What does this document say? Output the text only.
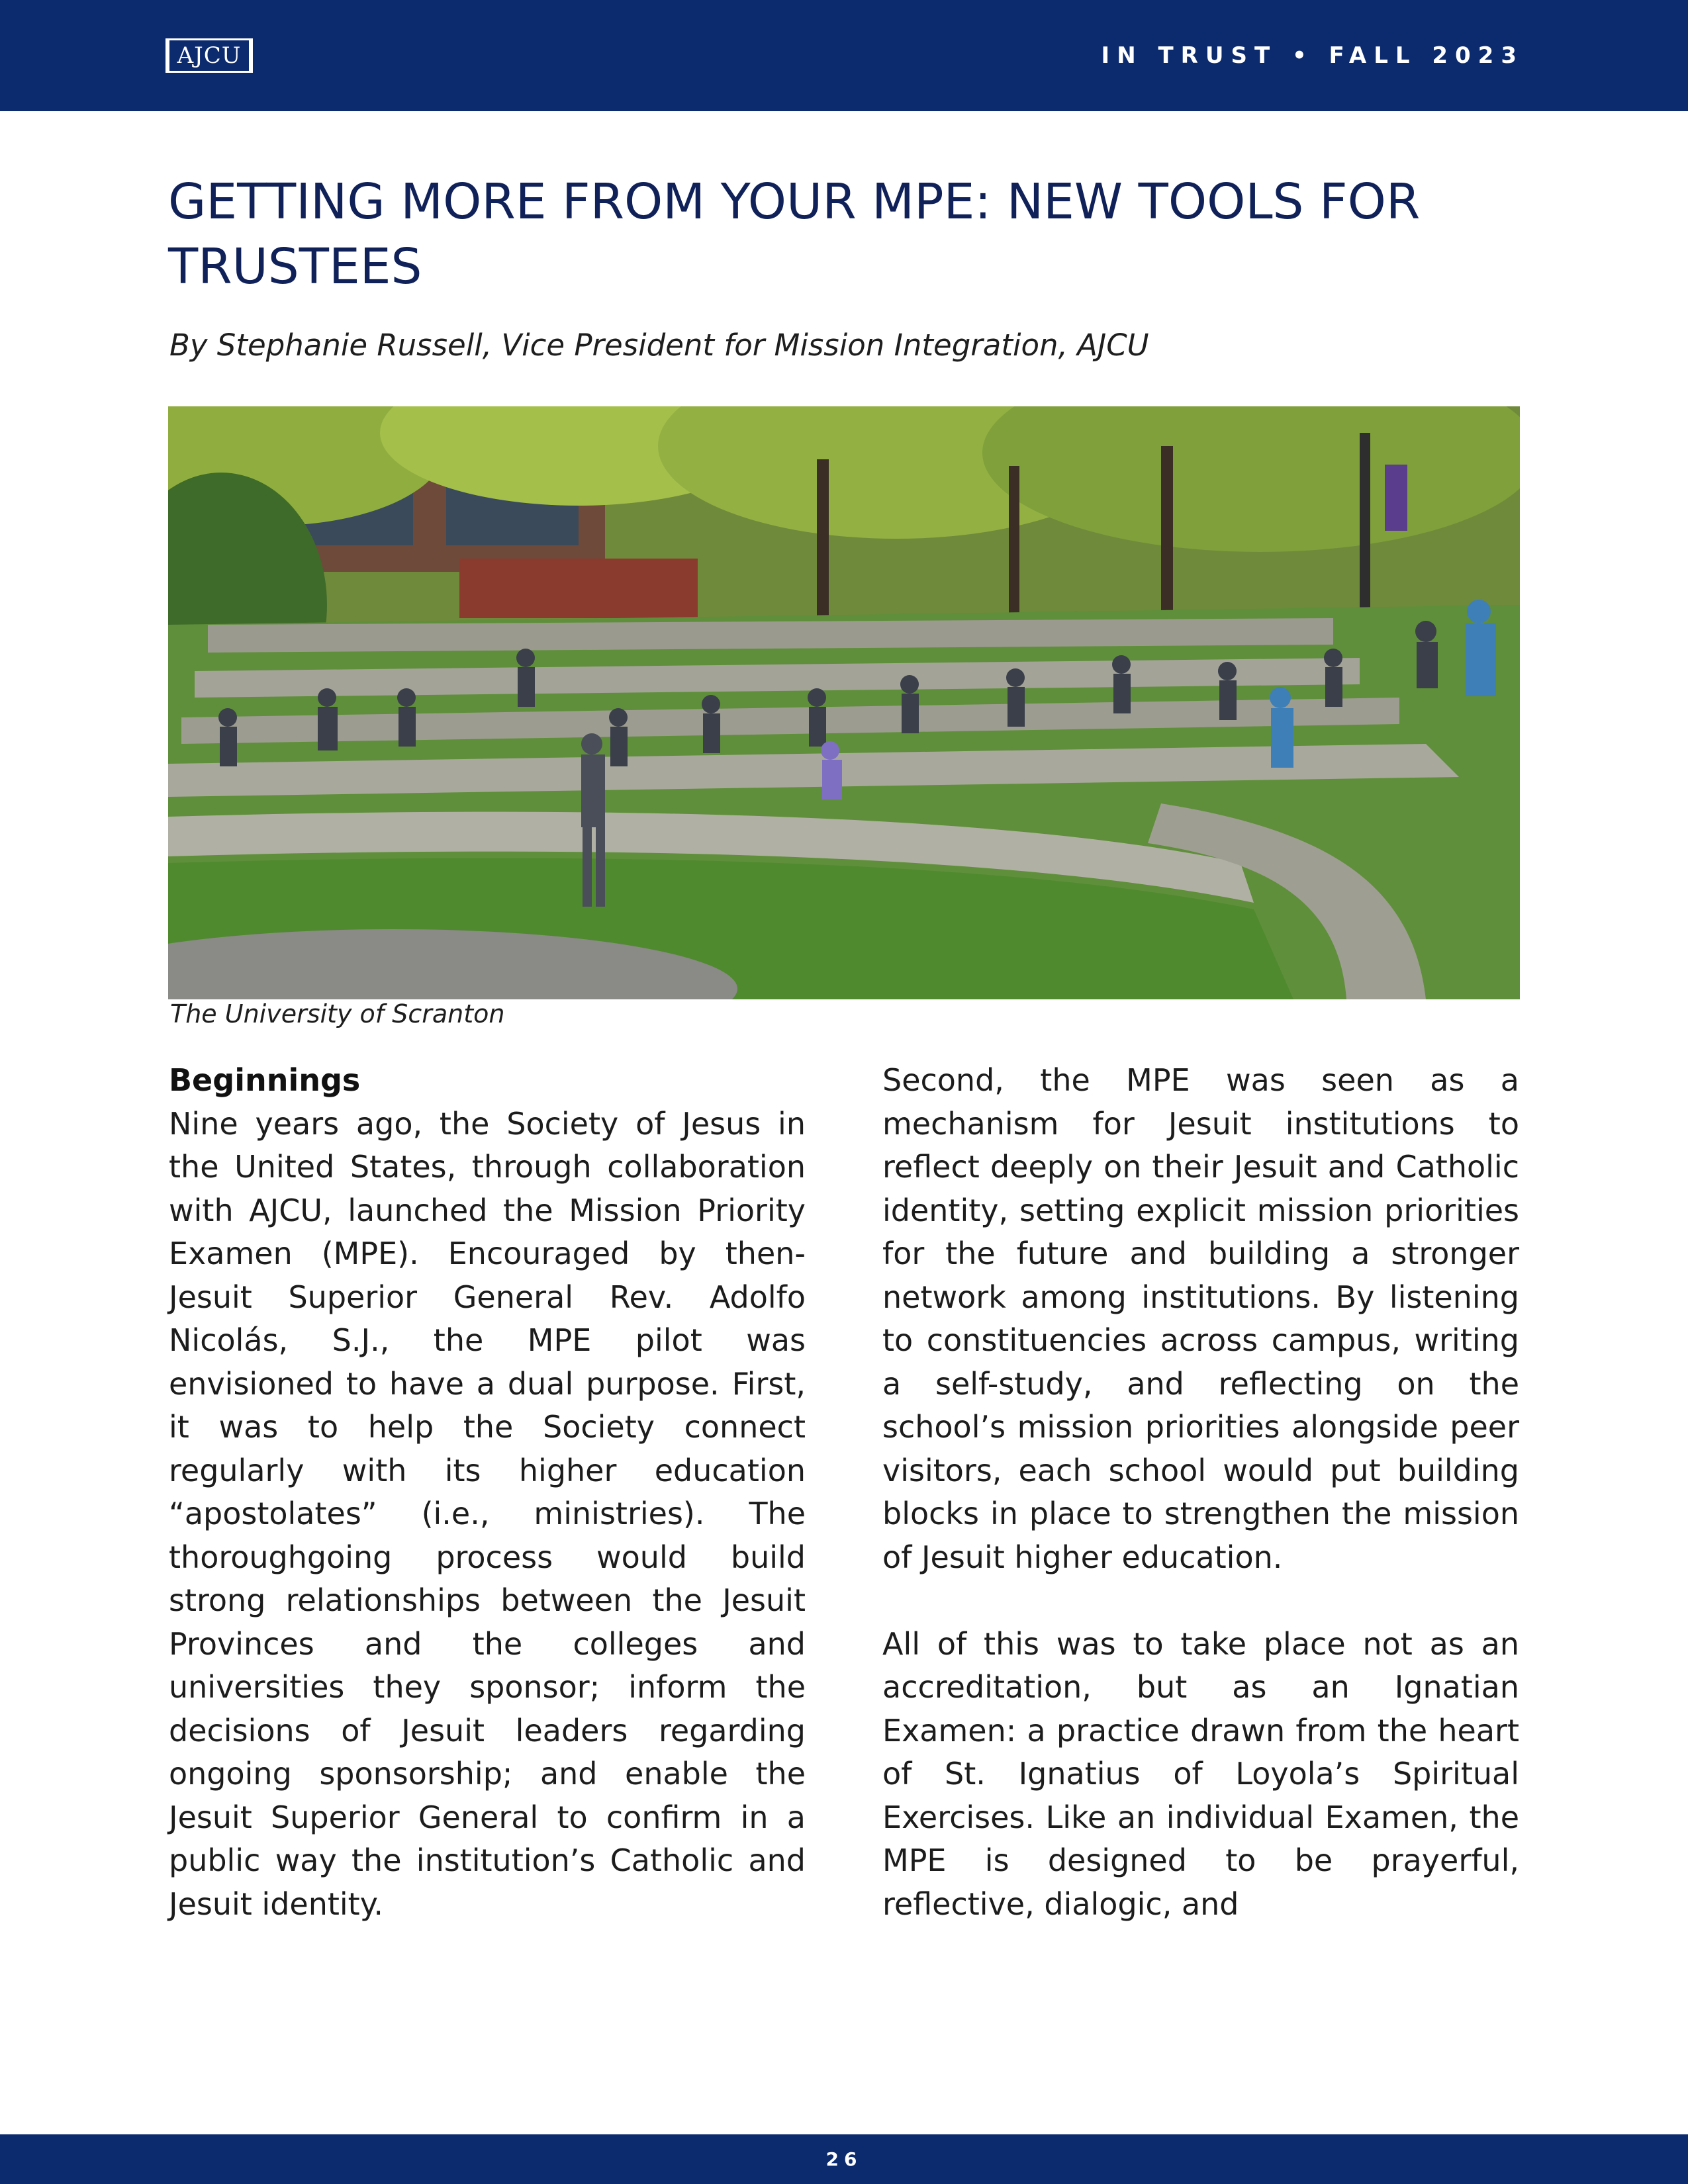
AJCU	IN TRUST • FALL 2023
GETTING MORE FROM YOUR MPE: NEW TOOLS FOR TRUSTEES
By Stephanie Russell, Vice President for Mission Integration, AJCU
The University of Scranton
Beginnings

Nine years ago, the Society of Jesus in the United States, through collaboration with AJCU, launched the Mission Priority Examen (MPE). Encouraged by then-Jesuit Superior General Rev. Adolfo Nicolás, S.J., the MPE pilot was envisioned to have a dual purpose. First, it was to help the Society connect regularly with its higher education “apostolates” (i.e., ministries). The thoroughgoing process would build strong relationships between the Jesuit Provinces and the colleges and universities they sponsor; inform the decisions of Jesuit leaders regarding ongoing sponsorship; and enable the Jesuit Superior General to confirm in a public way the institution’s Catholic and Jesuit identity.

Second, the MPE was seen as a mechanism for Jesuit institutions to reflect deeply on their Jesuit and Catholic identity, setting explicit mission priorities for the future and building a stronger network among institutions. By listening to constituencies across campus, writing a self-study, and reflecting on the school’s mission priorities alongside peer visitors, each school would put building blocks in place to strengthen the mission of Jesuit higher education.

All of this was to take place not as an accreditation, but as an Ignatian Examen: a practice drawn from the heart of St. Ignatius of Loyola’s Spiritual Exercises. Like an individual Examen, the MPE is designed to be prayerful, reflective, dialogic, and

26
